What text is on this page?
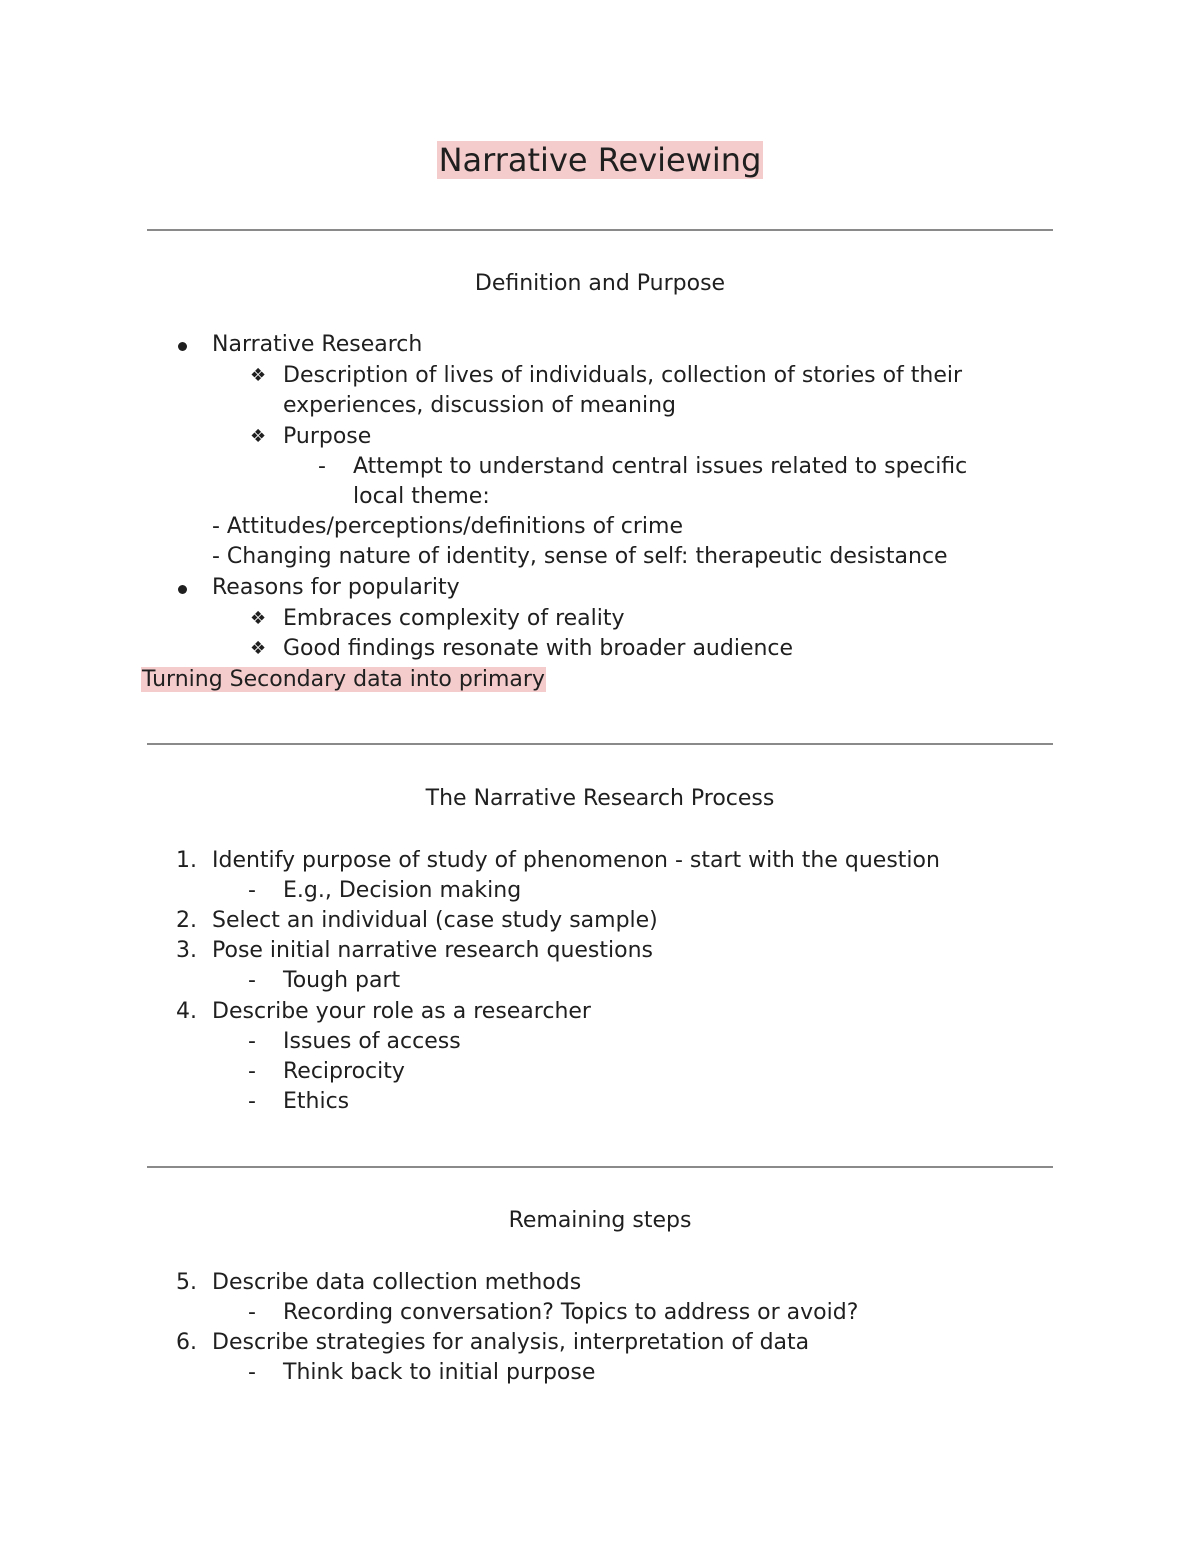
Narrative Reviewing
Definition and Purpose
Narrative Research
❖ Description of lives of individuals, collection of stories of their
experiences, discussion of meaning
❖ Purpose
- Attempt to understand central issues related to specific
local theme:
- Attitudes/perceptions/definitions of crime
- Changing nature of identity, sense of self: therapeutic desistance
Reasons for popularity
❖ Embraces complexity of reality
❖ Good findings resonate with broader audience
Turning Secondary data into primary
The Narrative Research Process
1. Identify purpose of study of phenomenon - start with the question
- E.g., Decision making
2. Select an individual (case study sample)
3. Pose initial narrative research questions
- Tough part
4. Describe your role as a researcher
- Issues of access
- Reciprocity
- Ethics
Remaining steps
5. Describe data collection methods
- Recording conversation? Topics to address or avoid?
6. Describe strategies for analysis, interpretation of data
- Think back to initial purpose
